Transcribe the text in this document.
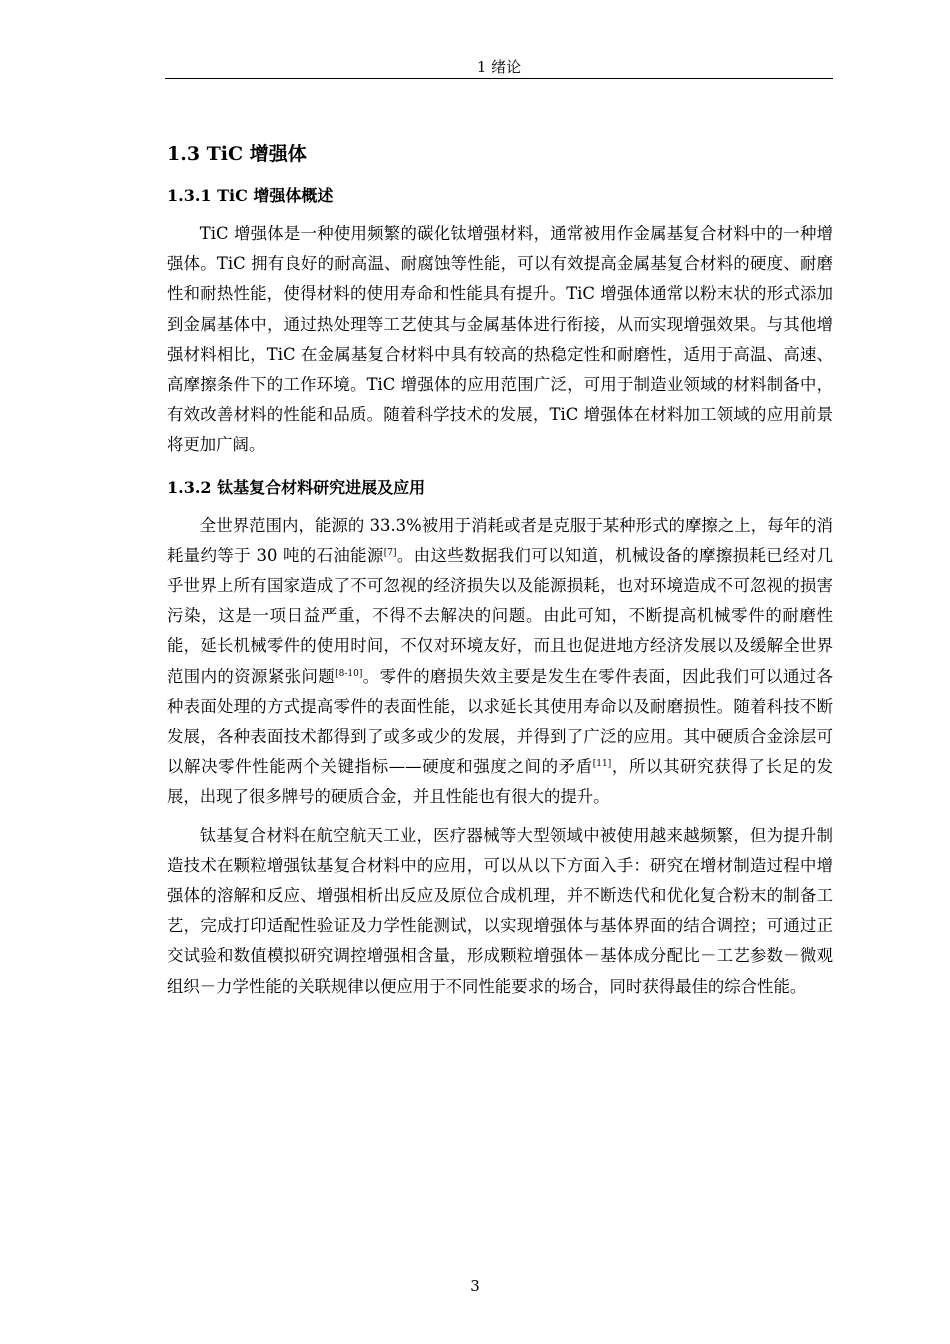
1 绪论
1.3 TiC 增强体
1.3.1 TiC 增强体概述

TiC 增强体是一种使用频繁的碳化钛增强材料，通常被用作金属基复合材料中的一种增强体。TiC 拥有良好的耐高温、耐腐蚀等性能，可以有效提高金属基复合材料的硬度、耐磨性和耐热性能，使得材料的使用寿命和性能具有提升。TiC 增强体通常以粉末状的形式添加到金属基体中，通过热处理等工艺使其与金属基体进行衔接，从而实现增强效果。与其他增强材料相比，TiC 在金属基复合材料中具有较高的热稳定性和耐磨性，适用于高温、高速、高摩擦条件下的工作环境。TiC 增强体的应用范围广泛，可用于制造业领域的材料制备中，有效改善材料的性能和品质。随着科学技术的发展，TiC 增强体在材料加工领域的应用前景将更加广阔。

1.3.2 钛基复合材料研究进展及应用

全世界范围内，能源的 33.3%被用于消耗或者是克服于某种形式的摩擦之上，每年的消耗量约等于 30 吨的石油能源[7]。由这些数据我们可以知道，机械设备的摩擦损耗已经对几乎世界上所有国家造成了不可忽视的经济损失以及能源损耗，也对环境造成不可忽视的损害污染，这是一项日益严重，不得不去解决的问题。由此可知，不断提高机械零件的耐磨性能，延长机械零件的使用时间，不仅对环境友好，而且也促进地方经济发展以及缓解全世界范围内的资源紧张问题[8-10]。零件的磨损失效主要是发生在零件表面，因此我们可以通过各种表面处理的方式提高零件的表面性能，以求延长其使用寿命以及耐磨损性。随着科技不断发展，各种表面技术都得到了或多或少的发展，并得到了广泛的应用。其中硬质合金涂层可以解决零件性能两个关键指标——硬度和强度之间的矛盾[11]，所以其研究获得了长足的发展，出现了很多牌号的硬质合金，并且性能也有很大的提升。

钛基复合材料在航空航天工业，医疗器械等大型领域中被使用越来越频繁，但为提升制造技术在颗粒增强钛基复合材料中的应用，可以从以下方面入手：研究在增材制造过程中增强体的溶解和反应、增强相析出反应及原位合成机理，并不断迭代和优化复合粉末的制备工艺，完成打印适配性验证及力学性能测试，以实现增强体与基体界面的结合调控；可通过正交试验和数值模拟研究调控增强相含量，形成颗粒增强体－基体成分配比－工艺参数－微观组织－力学性能的关联规律以便应用于不同性能要求的场合，同时获得最佳的综合性能。

3
